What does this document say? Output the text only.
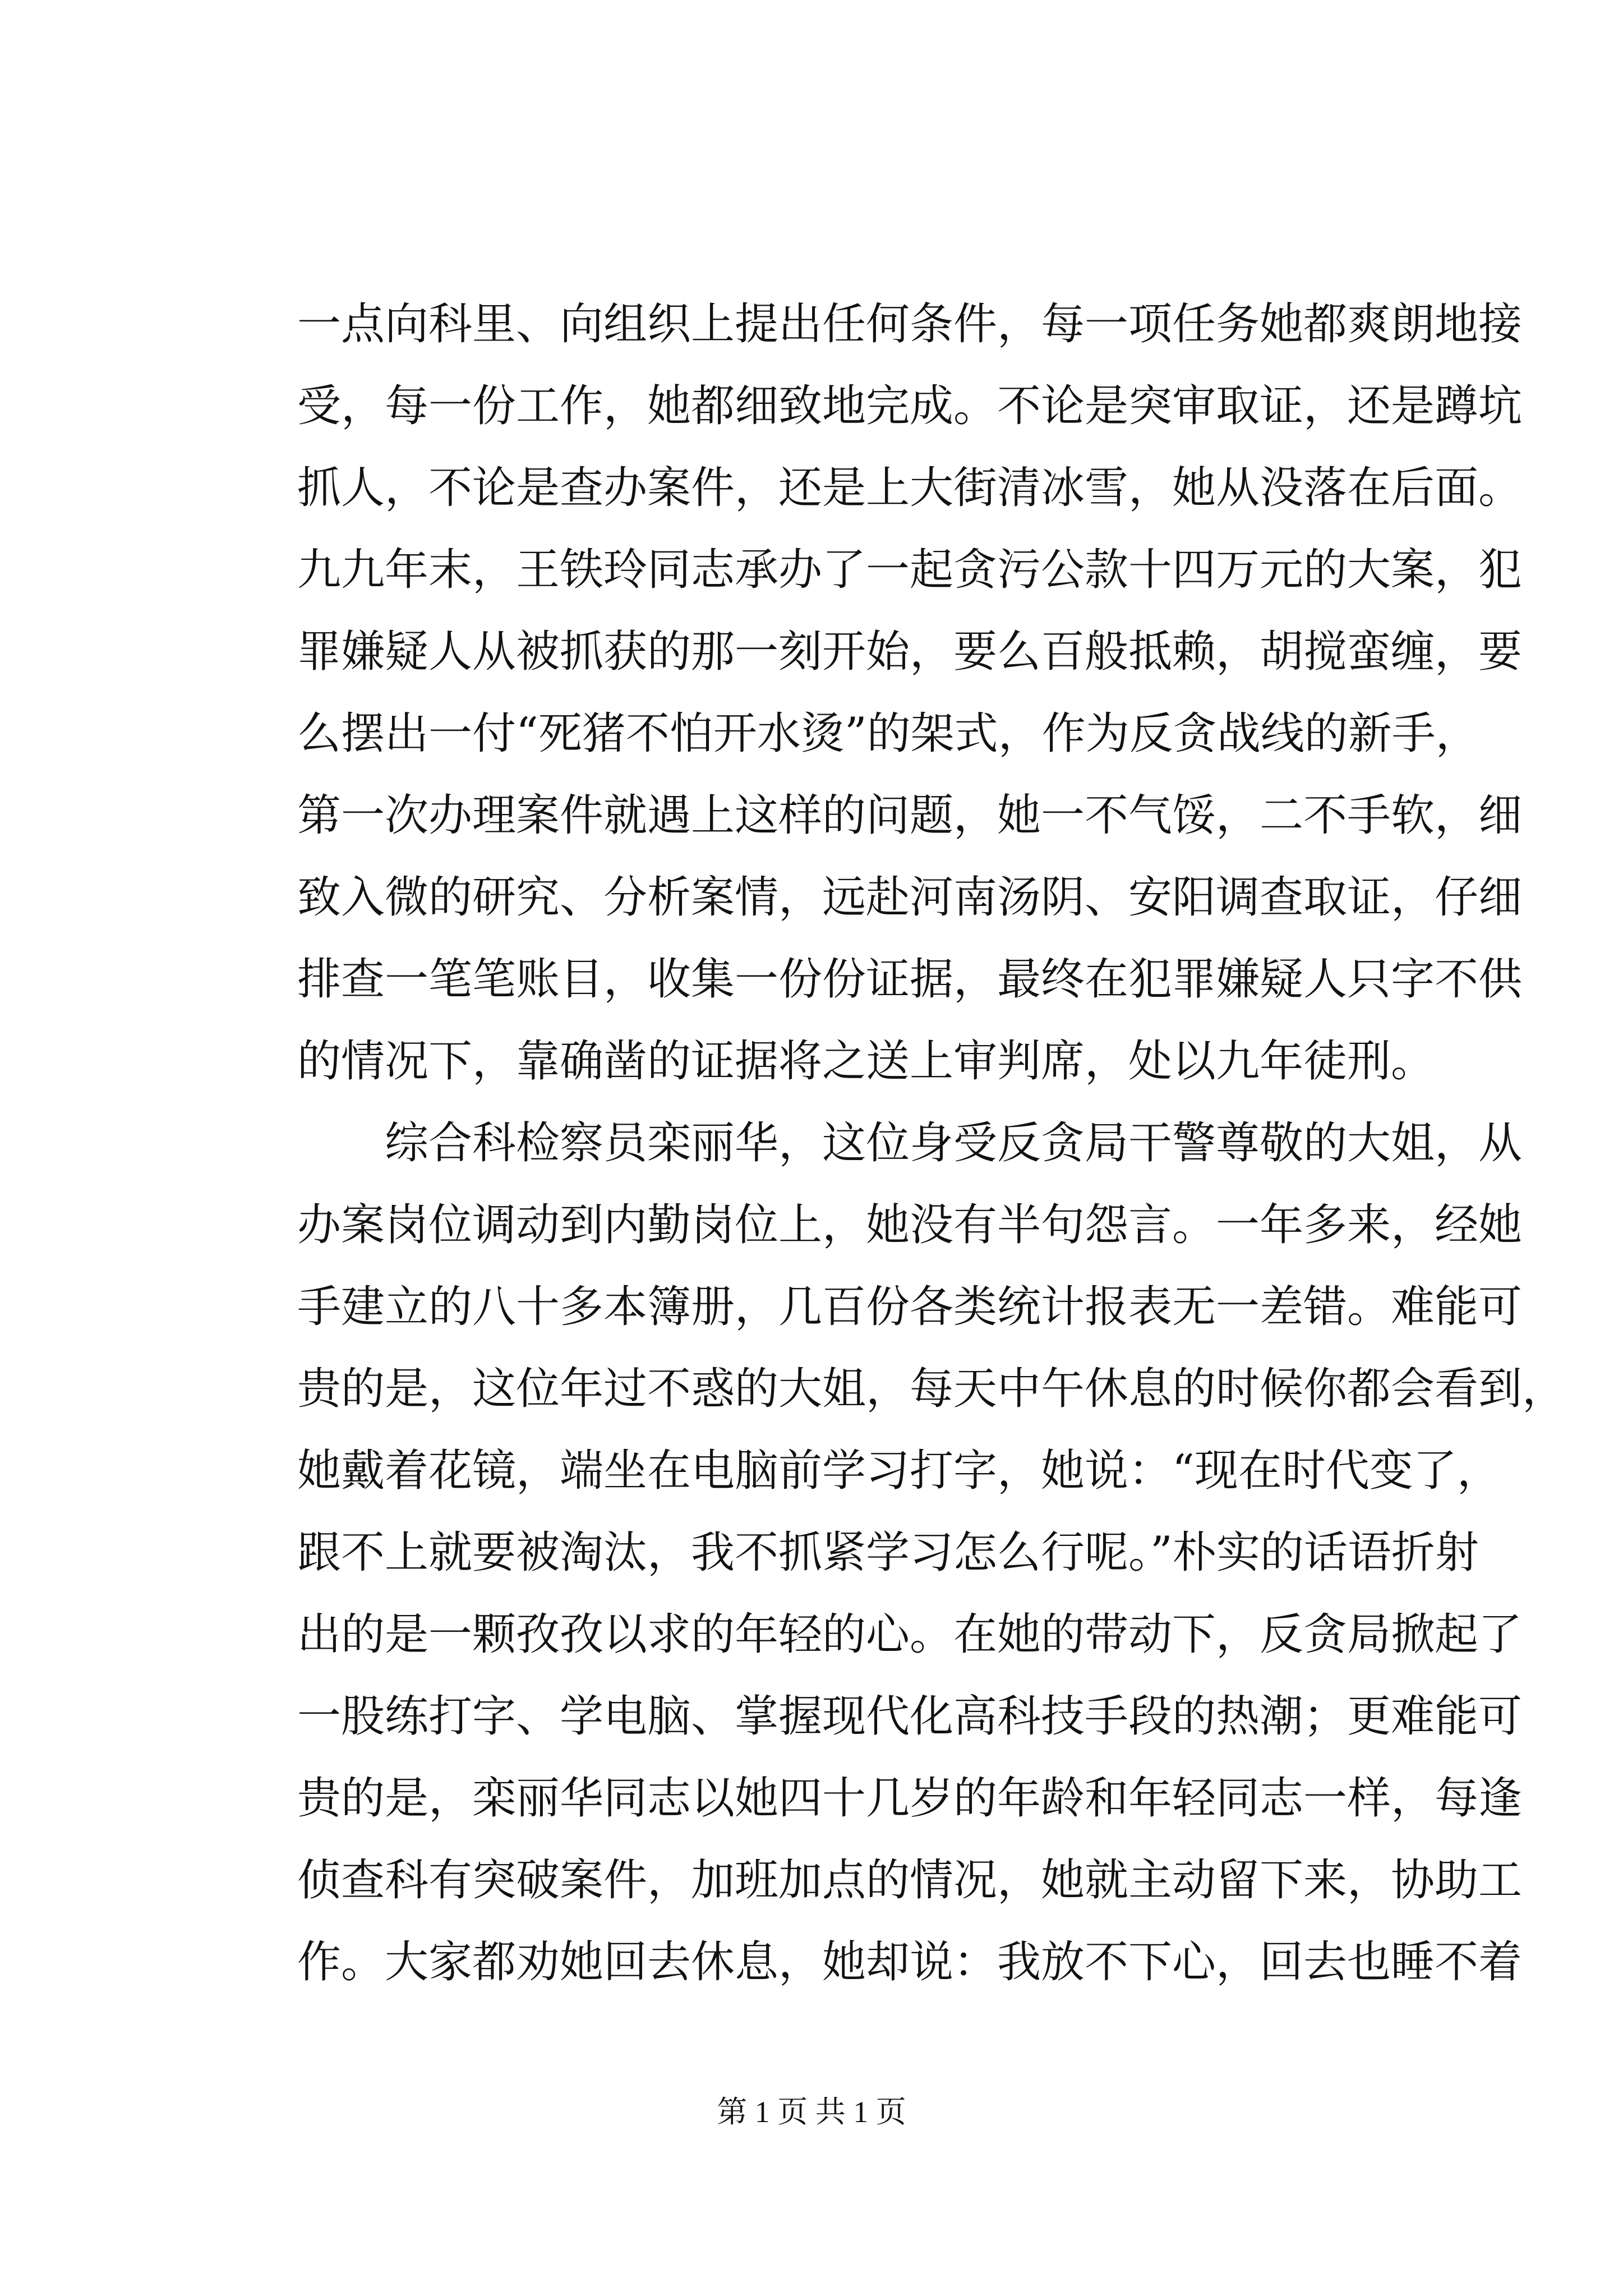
一点向科里、向组织上提出任何条件，每一项任务她都爽朗地接
受，每一份工作，她都细致地完成。不论是突审取证，还是蹲坑
抓人，不论是查办案件，还是上大街清冰雪，她从没落在后面。
九九年末，王铁玲同志承办了一起贪污公款十四万元的大案，犯
罪嫌疑人从被抓获的那一刻开始，要么百般抵赖，胡搅蛮缠，要
么摆出一付“死猪不怕开水烫”的架式，作为反贪战线的新手，
第一次办理案件就遇上这样的问题，她一不气馁，二不手软，细
致入微的研究、分析案情，远赴河南汤阴、安阳调查取证，仔细
排查一笔笔账目，收集一份份证据，最终在犯罪嫌疑人只字不供
的情况下，靠确凿的证据将之送上审判席，处以九年徒刑。
综合科检察员栾丽华，这位身受反贪局干警尊敬的大姐，从
办案岗位调动到内勤岗位上，她没有半句怨言。一年多来，经她
手建立的八十多本簿册，几百份各类统计报表无一差错。难能可
贵的是，这位年过不惑的大姐，每天中午休息的时候你都会看到，
她戴着花镜，端坐在电脑前学习打字，她说：“现在时代变了，
跟不上就要被淘汰，我不抓紧学习怎么行呢。”朴实的话语折射
出的是一颗孜孜以求的年轻的心。在她的带动下，反贪局掀起了
一股练打字、学电脑、掌握现代化高科技手段的热潮；更难能可
贵的是，栾丽华同志以她四十几岁的年龄和年轻同志一样，每逢
侦查科有突破案件，加班加点的情况，她就主动留下来，协助工
作。大家都劝她回去休息，她却说：我放不下心，回去也睡不着
第 1 页 共 1 页
